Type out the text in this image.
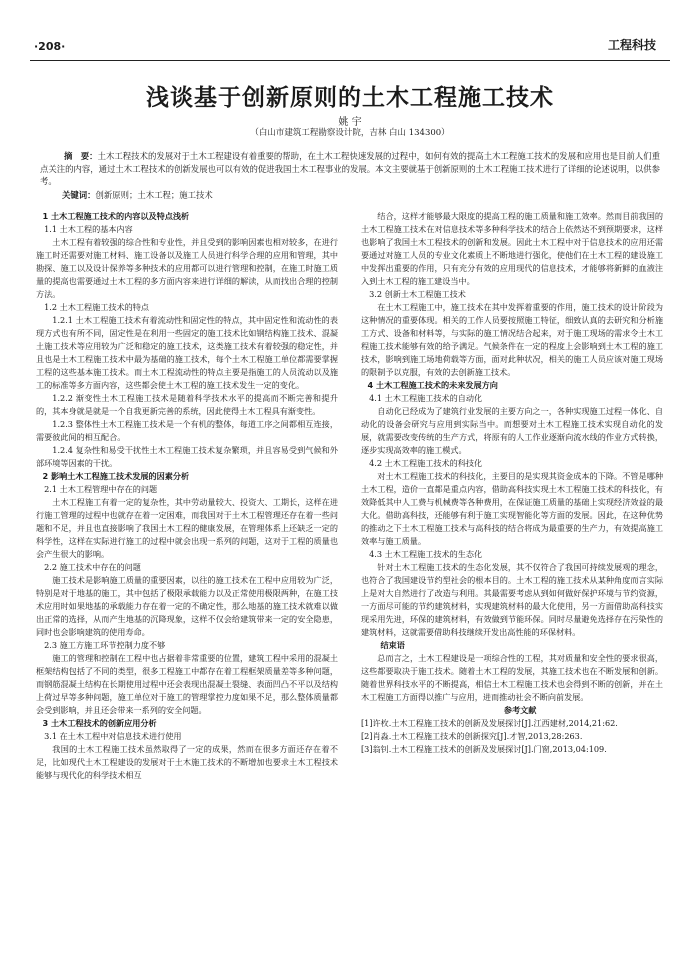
·208·	工程科技
浅谈基于创新原则的土木工程施工技术
姚 宇
（白山市建筑工程勘察设计院，吉林 白山 134300）
摘　要：土木工程技术的发展对于土木工程建设有着重要的帮助，在土木工程快速发展的过程中，如何有效的提高土木工程施工技术的发展和应用也是目前人们重点关注的内容，通过土木工程技术的创新发展也可以有效的促进我国土木工程事业的发展。本文主要就基于创新原则的土木工程施工技术进行了详细的论述说明，以供参考。
关键词：创新原则；土木工程；施工技术

1 土木工程施工技术的内容以及特点浅析

1.1 土木工程的基本内容

土木工程有着较强的综合性和专业性，并且受到的影响因素也相对较多，在进行施工时还需要对施工材料、施工设备以及施工人员进行科学合理的应用和管理，其中勘探、施工以及设计保养等多种技术的应用都可以进行管理和控制，在施工时施工质量的提高也需要通过土木工程的多方面内容来进行详细的解读，从而找出合理的控制方法。

1.2 土木工程施工技术的特点

1.2.1 土木工程施工技术有着流动性和固定性的特点，其中固定性和流动性的表现方式也有所不同，固定性是在利用一些固定的施工技术比如钢结构施工技术、混凝土施工技术等应用较为广泛和稳定的施工技术，这类施工技术有着较强的稳定性，并且也是土木工程施工技术中最为基础的施工技术，每个土木工程施工单位都需要掌握工程的这些基本施工技术。而土木工程流动性的特点主要是指施工的人员流动以及施工的标准等多方面内容，这些都会使土木工程的施工技术发生一定的变化。

1.2.2 渐变性土木工程施工技术是随着科学技术水平的提高而不断完善和提升的，其本身就是就是一个自我更新完善的系统，因此使得土木工程具有渐变性。

1.2.3 整体性土木工程施工技术是一个有机的整体，每道工序之间都相互连接，需要彼此间的相互配合。

1.2.4 复杂性和易受干扰性土木工程施工技术复杂繁琐，并且容易受到气候和外部环境等因素的干扰。

2 影响土木工程施工技术发展的因素分析

2.1 土木工程管理中存在的问题

土木工程施工有着一定的复杂性，其中劳动量较大、投资大、工期长，这样在进行施工管理的过程中也就存在着一定困难，而我国对于土木工程管理还存在着一些问题和不足，并且也直接影响了我国土木工程的健康发展，在管理体系上还缺乏一定的科学性，这样在实际进行施工的过程中就会出现一系列的问题，这对于工程的质量也会产生很大的影响。

2.2 施工技术中存在的问题

施工技术是影响施工质量的重要因素，以往的施工技术在工程中应用较为广泛，特别是对于地基的施工，其中包括了极限承载能力以及正常使用极限两种，在施工技术应用时如果地基的承载能力存在着一定的不确定性，那么地基的施工技术就难以做出正常的选择，从而产生地基的沉降现象，这样不仅会给建筑带来一定的安全隐患，同时也会影响建筑的使用寿命。

2.3 施工方施工环节控制力度不够

施工的管理和控制在工程中也占据着非常重要的位置，建筑工程中采用的混凝土框架结构包括了不同的类型，很多工程施工中都存在着工程框架质量差等多种问题，而钢筋混凝土结构在长期使用过程中还会表现出混凝土裂缝、表面凹凸不平以及结构上荷过早等多种问题，施工单位对于施工的管理掌控力度如果不足，那么整体质量都会受到影响，并且还会带来一系列的安全问题。

3 土木工程技术的创新应用分析

3.1 在土木工程中对信息技术进行使用

我国的土木工程施工技术虽然取得了一定的成果，然而在很多方面还存在着不足，比如现代土木工程建设的发展对于土木施工技术的不断增加也要求土木工程技术能够与现代化的科学技术相互

结合，这样才能够最大限度的提高工程的施工质量和施工效率。然而目前我国的土木工程施工技术在对信息技术等多种科学技术的结合上依然达不到预期要求，这样也影响了我国土木工程技术的创新和发展。因此土木工程中对于信息技术的应用还需要通过对施工人员的专业文化素质上不断地进行强化，使他们在土木工程的建设施工中发挥出重要的作用，只有充分有效的应用现代的信息技术，才能够将新鲜的血液注入到土木工程的施工建设当中。

3.2 创新土木工程施工技术

在土木工程施工中，施工技术在其中发挥着重要的作用，施工技术的设计阶段为这种情况的重要体现。相关的工作人员要按照施工特征，细致认真的去研究和分析施工方式、设备和材料等，与实际的施工情况结合起来，对于施工现场的需求令土木工程施工技术能够有效的给予满足。气候条件在一定的程度上会影响到土木工程的施工技术，影响到施工场地荷载等方面，面对此种状况，相关的施工人员应该对施工现场的限制予以克服，有效的去创新施工技术。

4 土木工程施工技术的未来发展方向

4.1 土木工程施工技术的自动化

自动化已经成为了建筑行业发展的主要方向之一，各种实现施工过程一体化、自动化的设备会研究与应用到实际当中。而想要对土木工程施工技术实现自动化的发展，就需要改变传统的生产方式，将原有的人工作业逐渐向流水线的作业方式转换，逐步实现高效率的施工模式。

4.2 土木工程施工技术的科技化

对土木工程施工技术的科技化，主要目的是实现其资金成本的下降。不管是哪种土木工程，造价一直都是重点内容，借助高科技实现土木工程施工技术的科技化，有效降低其中人工费与机械费等各种费用，在保证施工质量的基础上实现经济效益的最大化。借助高科技，还能够有利于施工实现智能化等方面的发展。因此，在这种优势的推动之下土木工程施工技术与高科技的结合将成为最重要的生产力，有效提高施工效率与施工质量。

4.3 土木工程施工技术的生态化

针对土木工程施工技术的生态化发展，其不仅符合了我国可持续发展观的理念，也符合了我国建设节约型社会的根本目的。土木工程的施工技术从某种角度而言实际上是对大自然进行了改造与利用。其最需要考虑从到如何做好保护环境与节约资源，一方面尽可能的节约建筑材料，实现建筑材料的最大化使用，另一方面借助高科技实现采用先进，环保的建筑材料，有效做到节能环保。同时尽量避免选择存在污染性的建筑材料，这就需要借助科技继续开发出高性能的环保材料。

结束语

总而言之，土木工程建设是一项综合性的工程，其对质量和安全性的要求很高，这些都要取决于施工技术。随着土木工程的发展，其施工技术也在不断发展和创新。随着世界科技水平的不断提高，相信土木工程施工技术也会得到不断的创新，并在土木工程施工方面得以推广与应用，进而推动社会不断向前发展。

参考文献

[1]许枚.土木工程施工技术的创新及发展探讨[J].江西建材,2014,21:62.

[2]肖淼.土木工程施工技术的创新探究[J].才智,2013,28:263.

[3]翁钊.土木工程施工技术的创新及发展探讨[J].门窗,2013,04:109.
